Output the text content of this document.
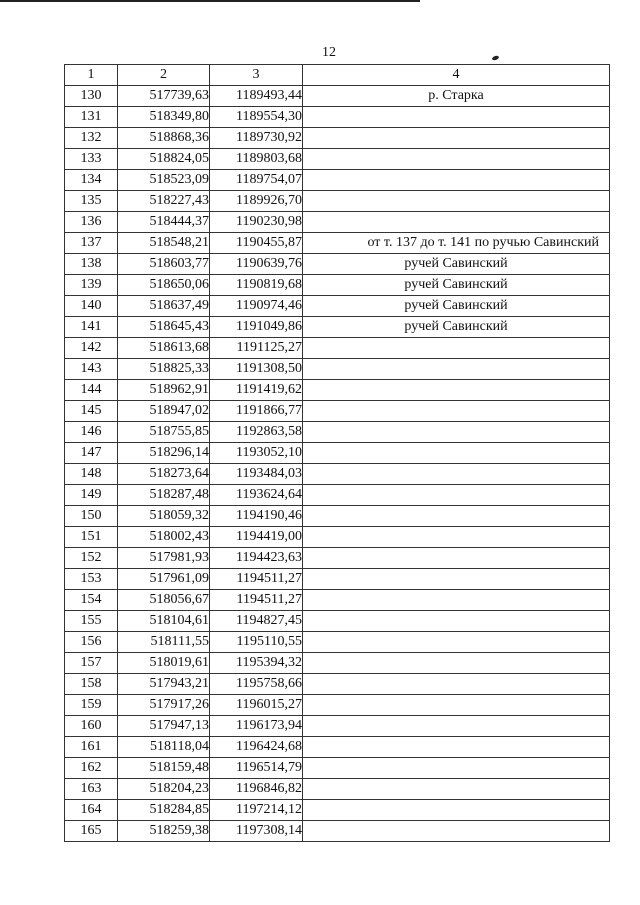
12
1	2	3	4
130	517739,63	1189493,44	р. Старка
131	518349,80	1189554,30	
132	518868,36	1189730,92	
133	518824,05	1189803,68	
134	518523,09	1189754,07	
135	518227,43	1189926,70	
136	518444,37	1190230,98	
137	518548,21	1190455,87	от т. 137 до т. 141 по ручью Савинский
138	518603,77	1190639,76	ручей Савинский
139	518650,06	1190819,68	ручей Савинский
140	518637,49	1190974,46	ручей Савинский
141	518645,43	1191049,86	ручей Савинский
142	518613,68	1191125,27	
143	518825,33	1191308,50	
144	518962,91	1191419,62	
145	518947,02	1191866,77	
146	518755,85	1192863,58	
147	518296,14	1193052,10	
148	518273,64	1193484,03	
149	518287,48	1193624,64	
150	518059,32	1194190,46	
151	518002,43	1194419,00	
152	517981,93	1194423,63	
153	517961,09	1194511,27	
154	518056,67	1194511,27	
155	518104,61	1194827,45	
156	518111,55	1195110,55	
157	518019,61	1195394,32	
158	517943,21	1195758,66	
159	517917,26	1196015,27	
160	517947,13	1196173,94	
161	518118,04	1196424,68	
162	518159,48	1196514,79	
163	518204,23	1196846,82	
164	518284,85	1197214,12	
165	518259,38	1197308,14	
